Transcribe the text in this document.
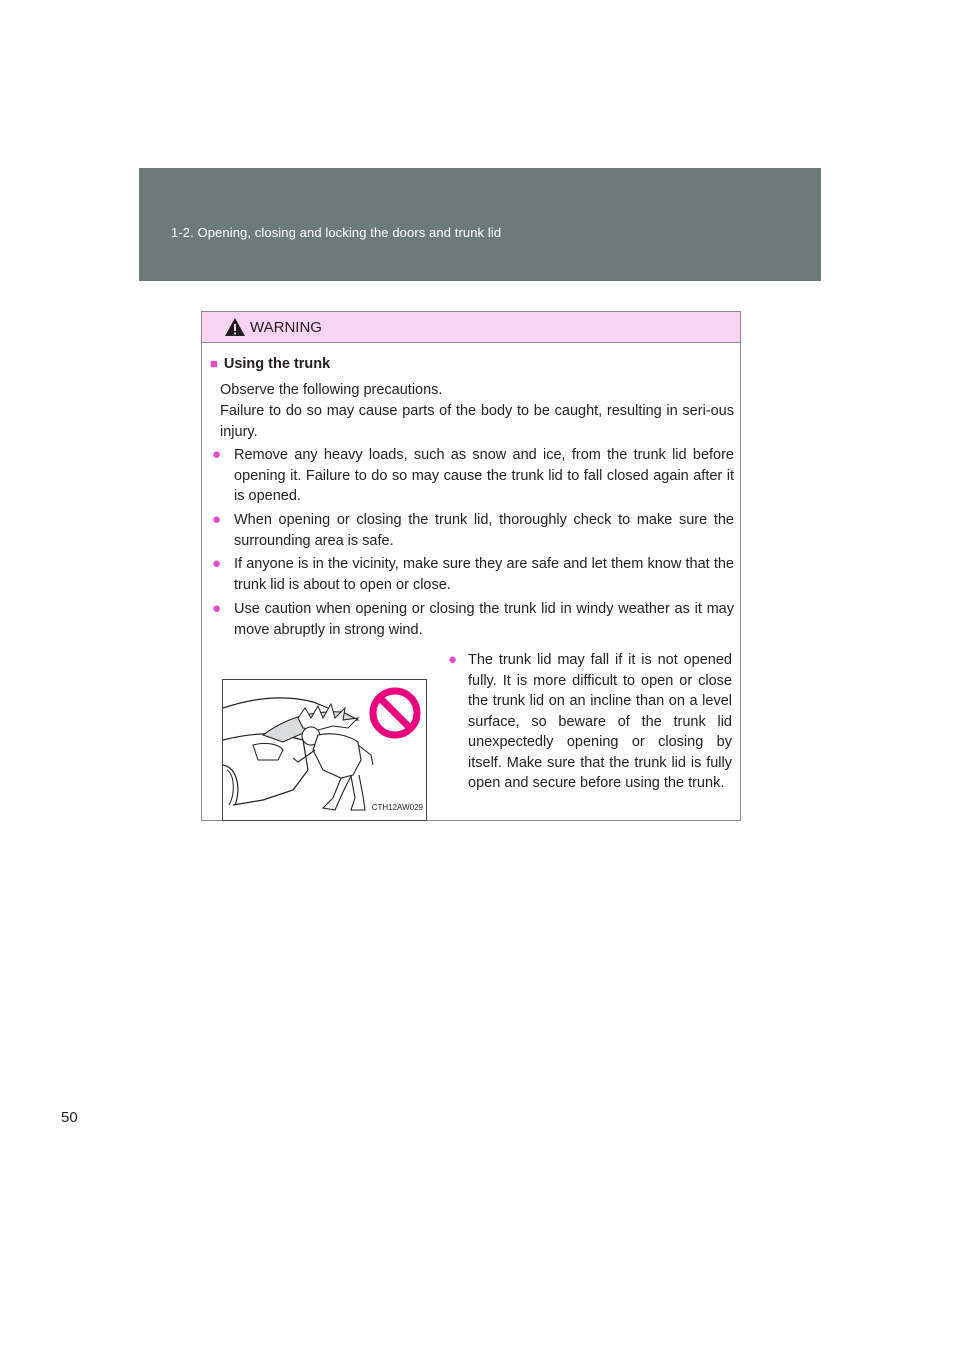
1-2. Opening, closing and locking the doors and trunk lid
WARNING
■ Using the trunk
Observe the following precautions.
Failure to do so may cause parts of the body to be caught, resulting in seri-ous injury.
● Remove any heavy loads, such as snow and ice, from the trunk lid before opening it. Failure to do so may cause the trunk lid to fall closed again after it is opened.
● When opening or closing the trunk lid, thoroughly check to make sure the surrounding area is safe.
● If anyone is in the vicinity, make sure they are safe and let them know that the trunk lid is about to open or close.
● Use caution when opening or closing the trunk lid in windy weather as it may move abruptly in strong wind.
CTH12AW029
● The trunk lid may fall if it is not opened fully. It is more difficult to open or close the trunk lid on an incline than on a level surface, so beware of the trunk lid unexpectedly opening or closing by itself. Make sure that the trunk lid is fully open and secure before using the trunk.
50
